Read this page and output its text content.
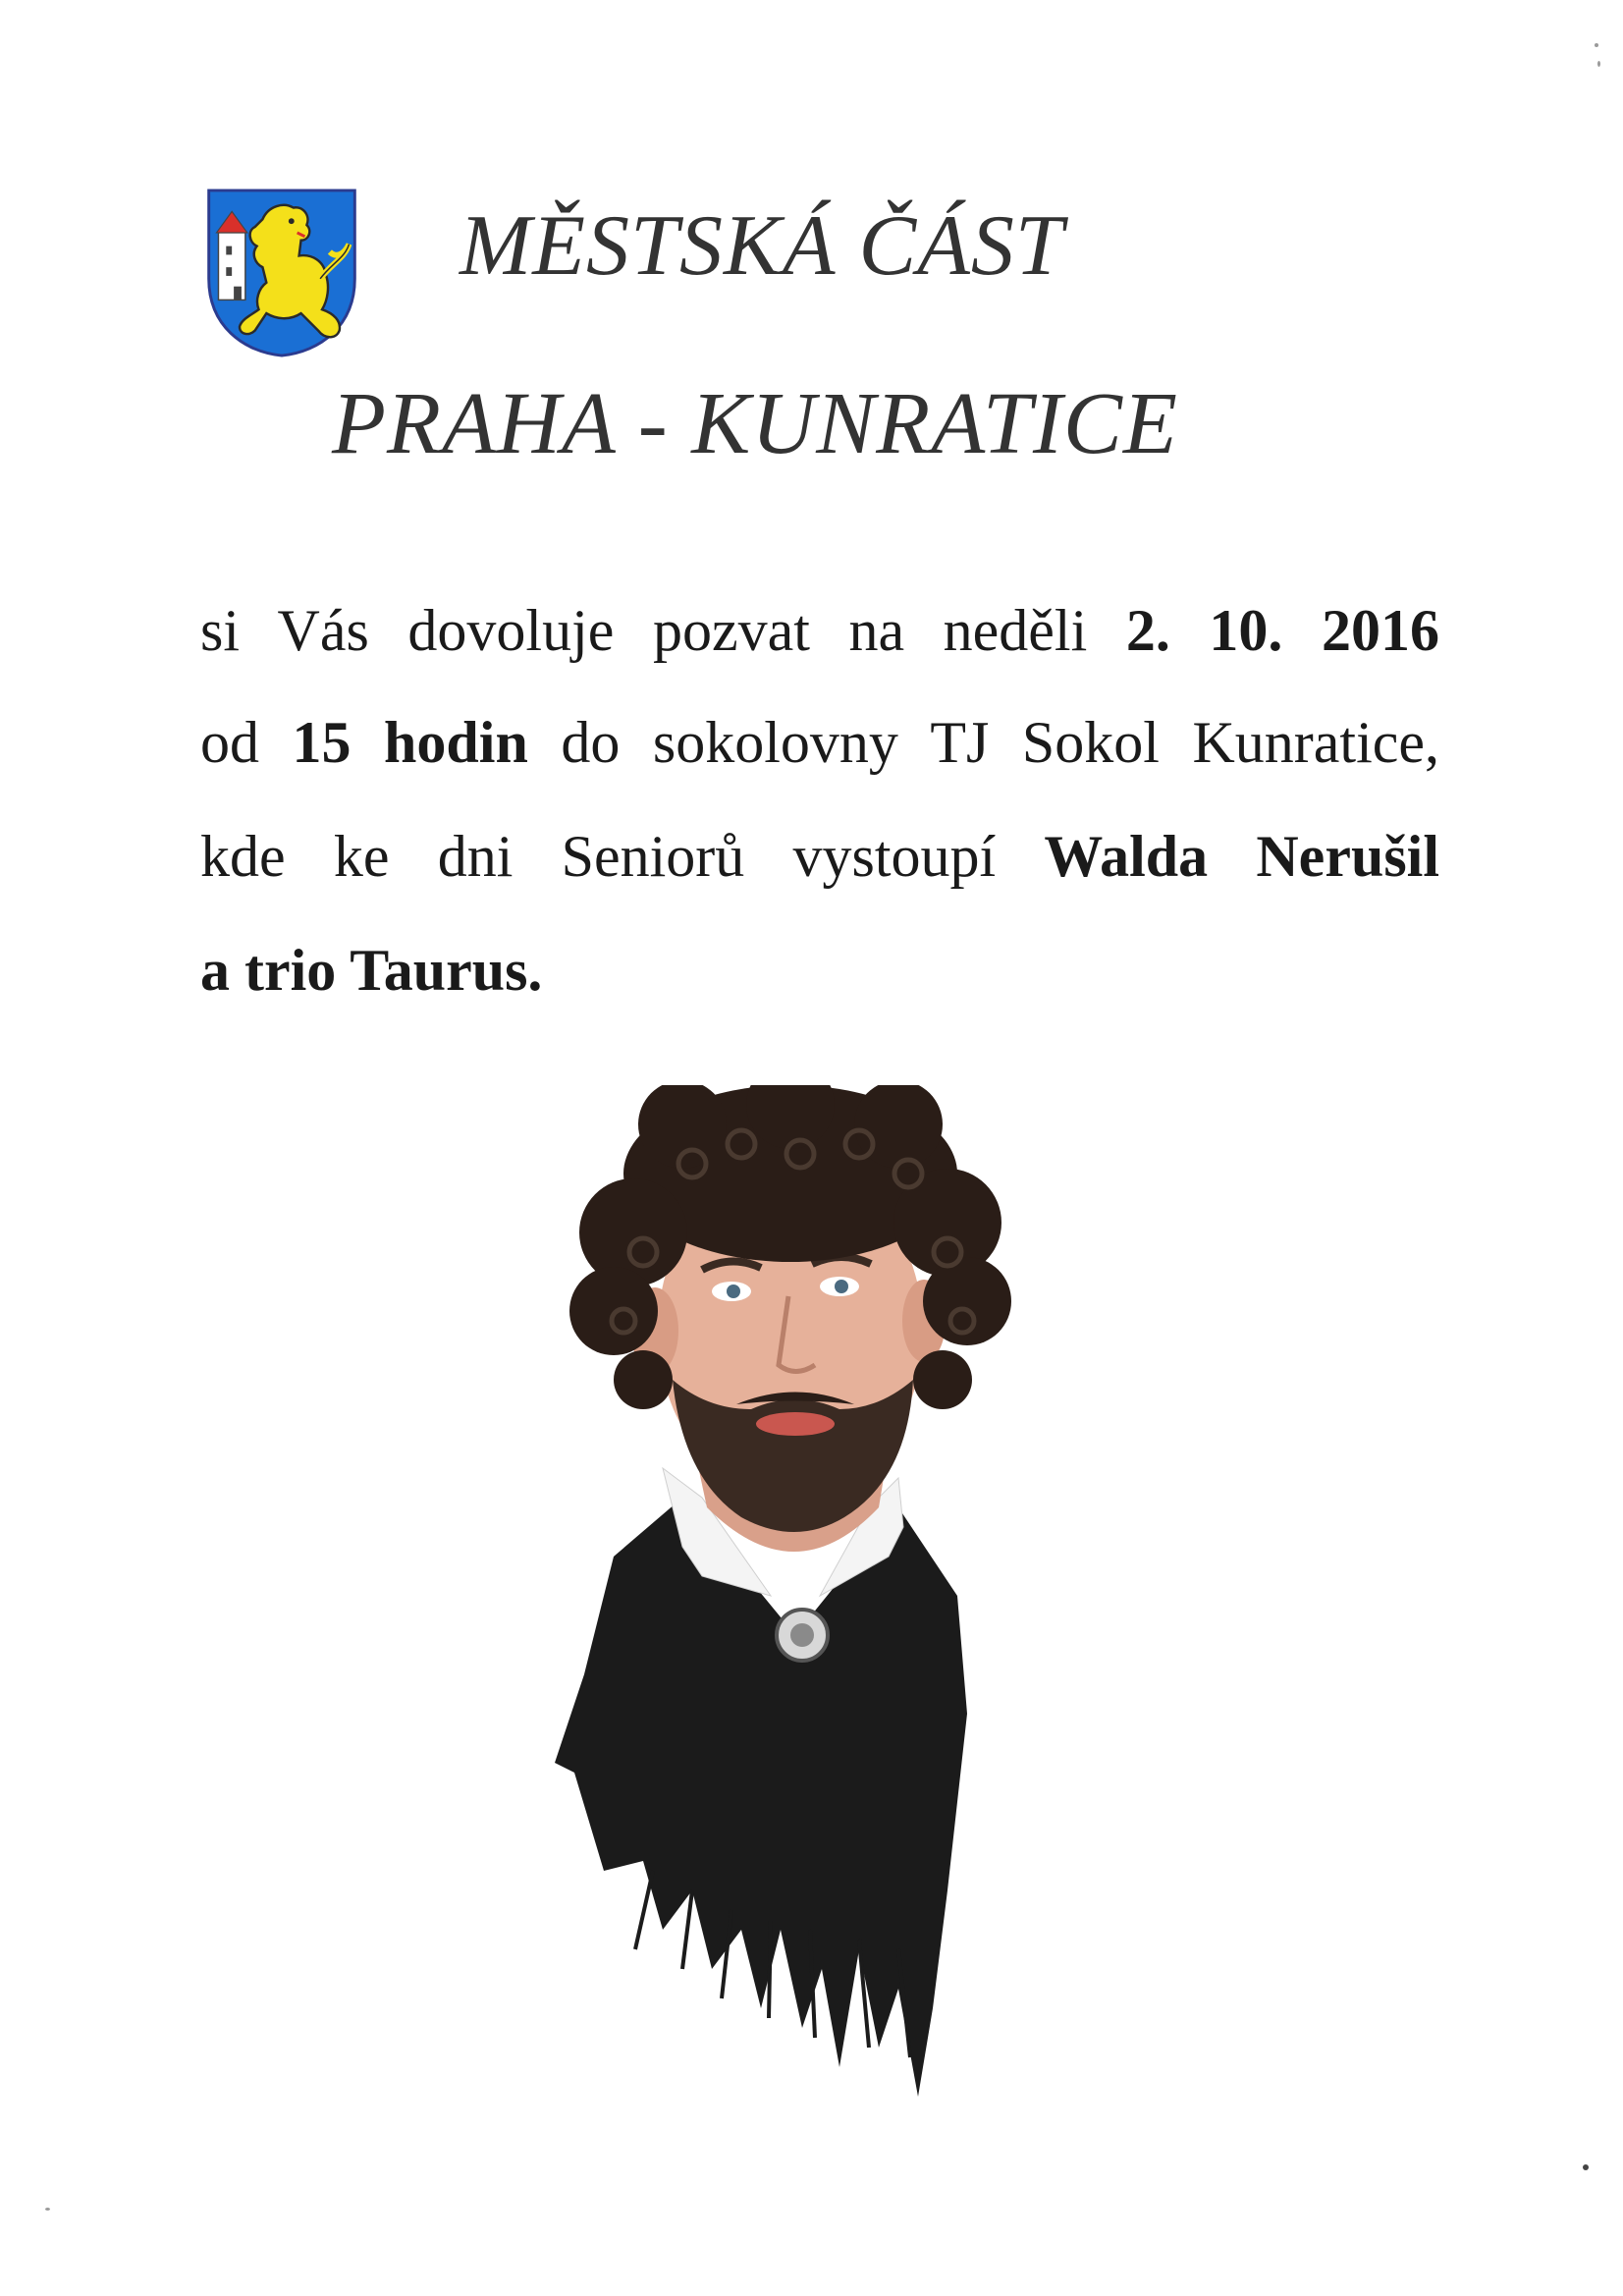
MĚSTSKÁ ČÁST
PRAHA - KUNRATICE

si Vás dovoluje pozvat na neděli 2. 10. 2016

od 15 hodin do sokolovny TJ Sokol Kunratice,

kde ke dni Seniorů vystoupí Walda Nerušil

a trio Taurus.
